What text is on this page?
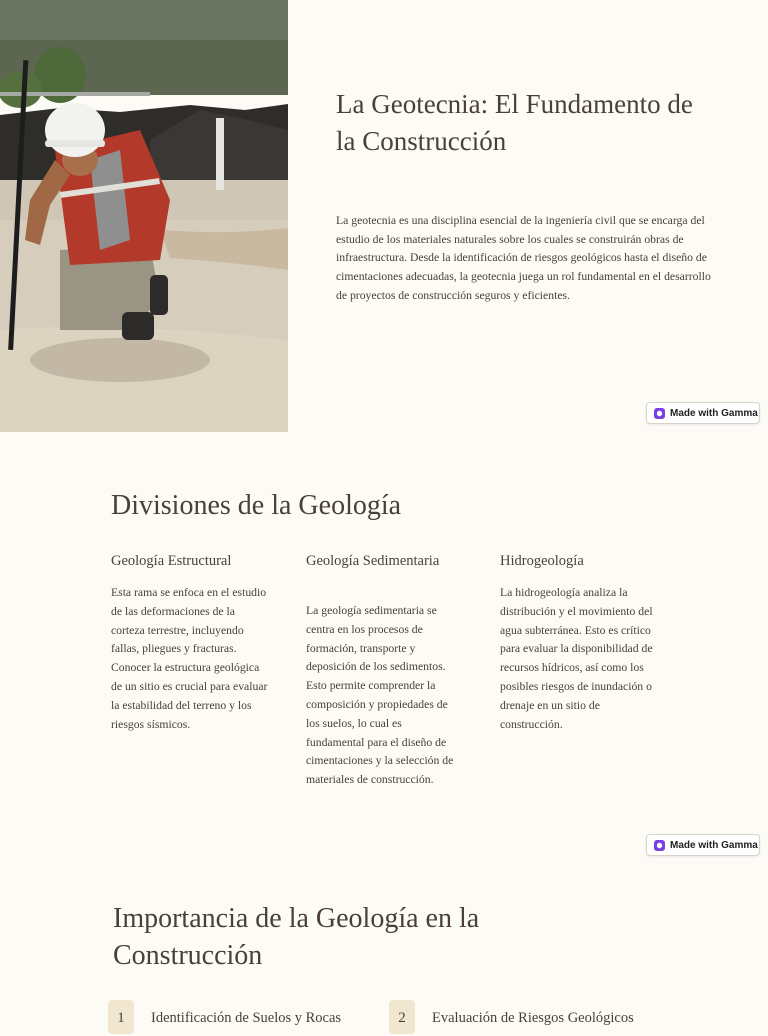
La Geotecnia: El Fundamento de la Construcción

La geotecnia es una disciplina esencial de la ingeniería civil que se encarga del estudio de los materiales naturales sobre los cuales se construirán obras de infraestructura. Desde la identificación de riesgos geológicos hasta el diseño de cimentaciones adecuadas, la geotecnia juega un rol fundamental en el desarrollo de proyectos de construcción seguros y eficientes.

Made with Gamma
Divisiones de la Geología
Geología Estructural

Esta rama se enfoca en el estudio de las deformaciones de la corteza terrestre, incluyendo fallas, pliegues y fracturas. Conocer la estructura geológica de un sitio es crucial para evaluar la estabilidad del terreno y los riesgos sísmicos.

Geología Sedimentaria

La geología sedimentaria se centra en los procesos de formación, transporte y deposición de los sedimentos. Esto permite comprender la composición y propiedades de los suelos, lo cual es fundamental para el diseño de cimentaciones y la selección de materiales de construcción.

Hidrogeología

La hidrogeología analiza la distribución y el movimiento del agua subterránea. Esto es crítico para evaluar la disponibilidad de recursos hídricos, así como los posibles riesgos de inundación o drenaje en un sitio de construcción.

Made with Gamma
Importancia de la Geología en la Construcción
1	Identificación de Suelos y Rocas	2	Evaluación de Riesgos Geológicos
